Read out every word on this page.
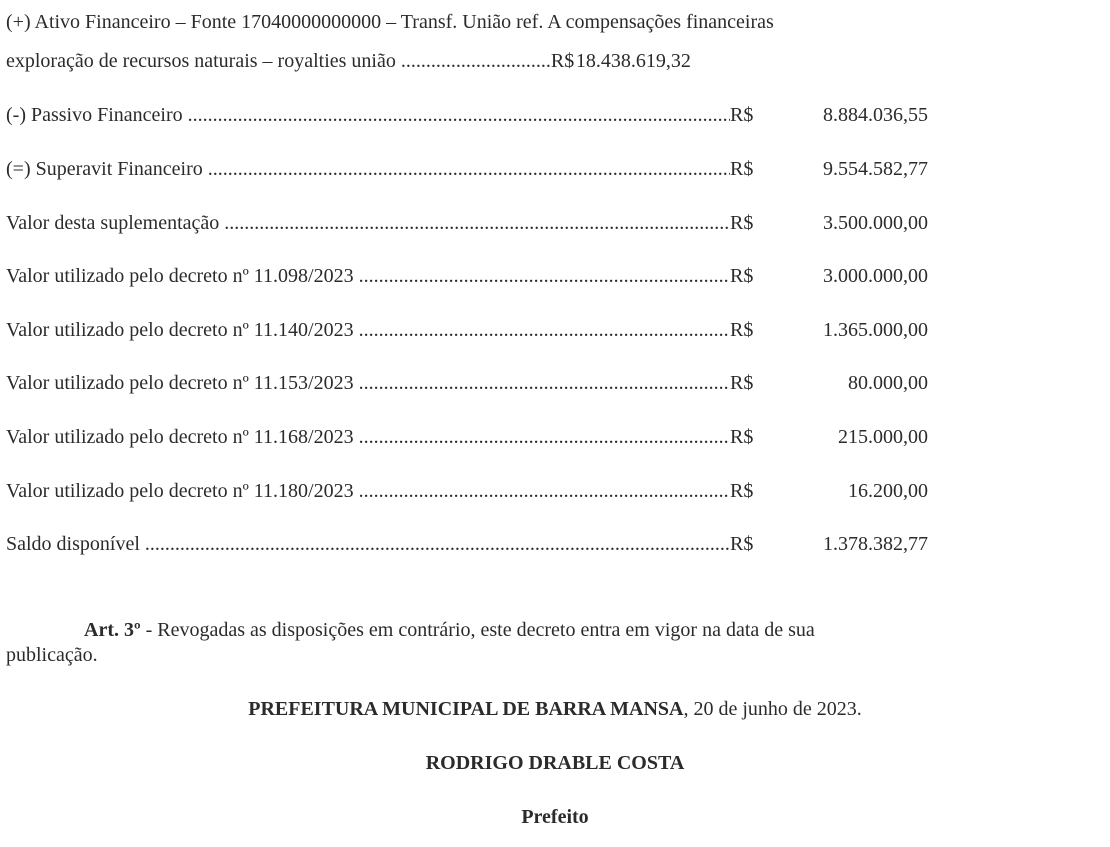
(+) Ativo Financeiro – Fonte 17040000000000 – Transf. União ref. A compensações financeiras
exploração de recursos naturais – royalties união ..............................R$ 18.438.619,32
(-) Passivo Financeiro .....	R$	8.884.036,55
(=) Superavit Financeiro .....	R$	9.554.582,77
Valor desta suplementação .....	R$	3.500.000,00
Valor utilizado pelo decreto nº 11.098/2023 .....	R$	3.000.000,00
Valor utilizado pelo decreto nº 11.140/2023 .....	R$	1.365.000,00
Valor utilizado pelo decreto nº 11.153/2023 .....	R$	80.000,00
Valor utilizado pelo decreto nº 11.168/2023 .....	R$	215.000,00
Valor utilizado pelo decreto nº 11.180/2023 .....	R$	16.200,00
Saldo disponível .....	R$	1.378.382,77
Art. 3º - Revogadas as disposições em contrário, este decreto entra em vigor na data de sua
publicação.
PREFEITURA MUNICIPAL DE BARRA MANSA, 20 de junho de 2023.
RODRIGO DRABLE COSTA
Prefeito
